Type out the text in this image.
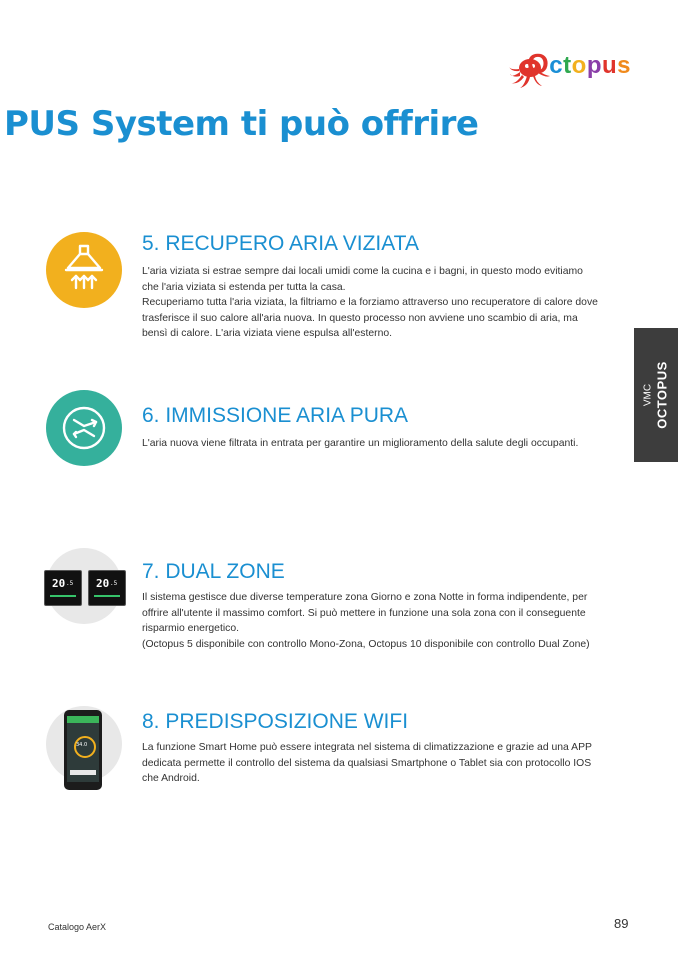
Octopus
PUS System ti può offrire
5. RECUPERO ARIA VIZIATA

L'aria viziata si estrae sempre dai locali umidi come la cucina e i bagni, in questo modo evitiamo che l'aria viziata si estenda per tutta la casa.

Recuperiamo tutta l'aria viziata, la filtriamo e la forziamo attraverso uno recuperatore di calore dove trasferisce il suo calore all'aria nuova. In questo processo non avviene uno scambio di aria, ma bensì di calore. L'aria viziata viene espulsa all'esterno.

6. IMMISSIONE ARIA PURA

L'aria nuova viene filtrata in entrata per garantire un miglioramento della salute degli occupanti.

20 .5 20 .5
7. DUAL ZONE

Il sistema gestisce due diverse temperature zona Giorno e zona Notte in forma indipendente, per offrire all'utente il massimo comfort. Si può mettere in funzione una sola zona con il conseguente risparmio energetico.

(Octopus 5 disponibile con controllo Mono-Zona, Octopus 10 disponibile con controllo Dual Zone)

34.0
8. PREDISPOSIZIONE WIFI

La funzione Smart Home può essere integrata nel sistema di climatizzazione e grazie ad una APP dedicata permette il controllo del sistema da qualsiasi Smartphone o Tablet sia con protocollo IOS che Android.

VMC OCTOPUS
Catalogo AerX	89
